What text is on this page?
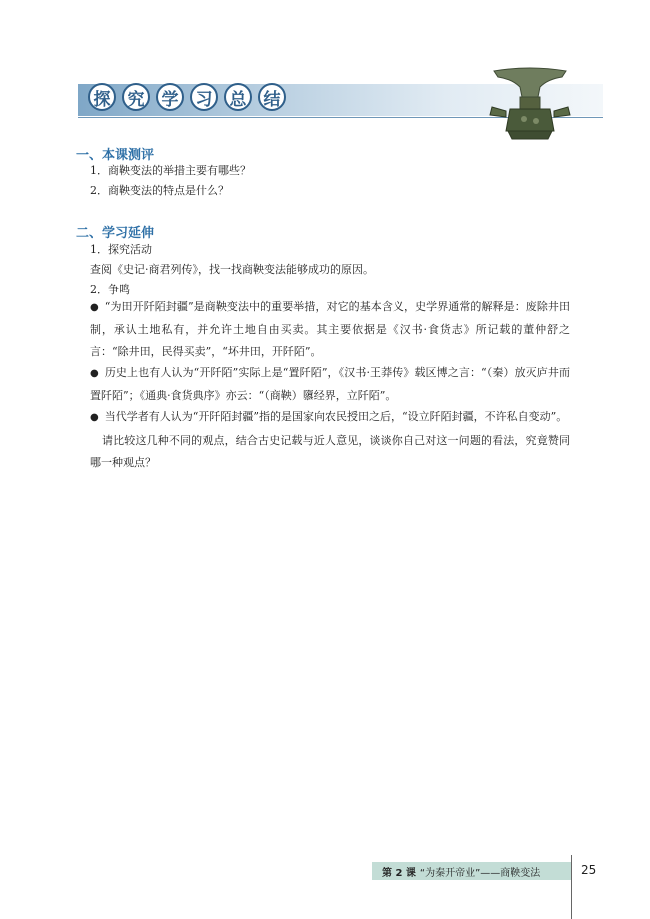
探	究	学	习	总	结
一、本课测评

1．商鞅变法的举措主要有哪些？

2．商鞅变法的特点是什么？

二、学习延伸

1．探究活动

查阅《史记·商君列传》，找一找商鞅变法能够成功的原因。

2．争鸣

● “为田开阡陌封疆”是商鞅变法中的重要举措，对它的基本含义，史学界通常的解释是：废除井田制，承认土地私有，并允许土地自由买卖。其主要依据是《汉书·食货志》所记载的董仲舒之言：“除井田，民得买卖”，“坏井田，开阡陌”。

● 历史上也有人认为“开阡陌”实际上是“置阡陌”，《汉书·王莽传》载区博之言：“（秦）放灭庐井而置阡陌”；《通典·食货典序》亦云：“（商鞅）隳经界，立阡陌”。

● 当代学者有人认为“开阡陌封疆”指的是国家向农民授田之后，“设立阡陌封疆，不许私自变动”。

请比较这几种不同的观点，结合古史记载与近人意见，谈谈你自己对这一问题的看法，究竟赞同哪一种观点？

第 2 课 “为秦开帝业”——商鞅变法	25
